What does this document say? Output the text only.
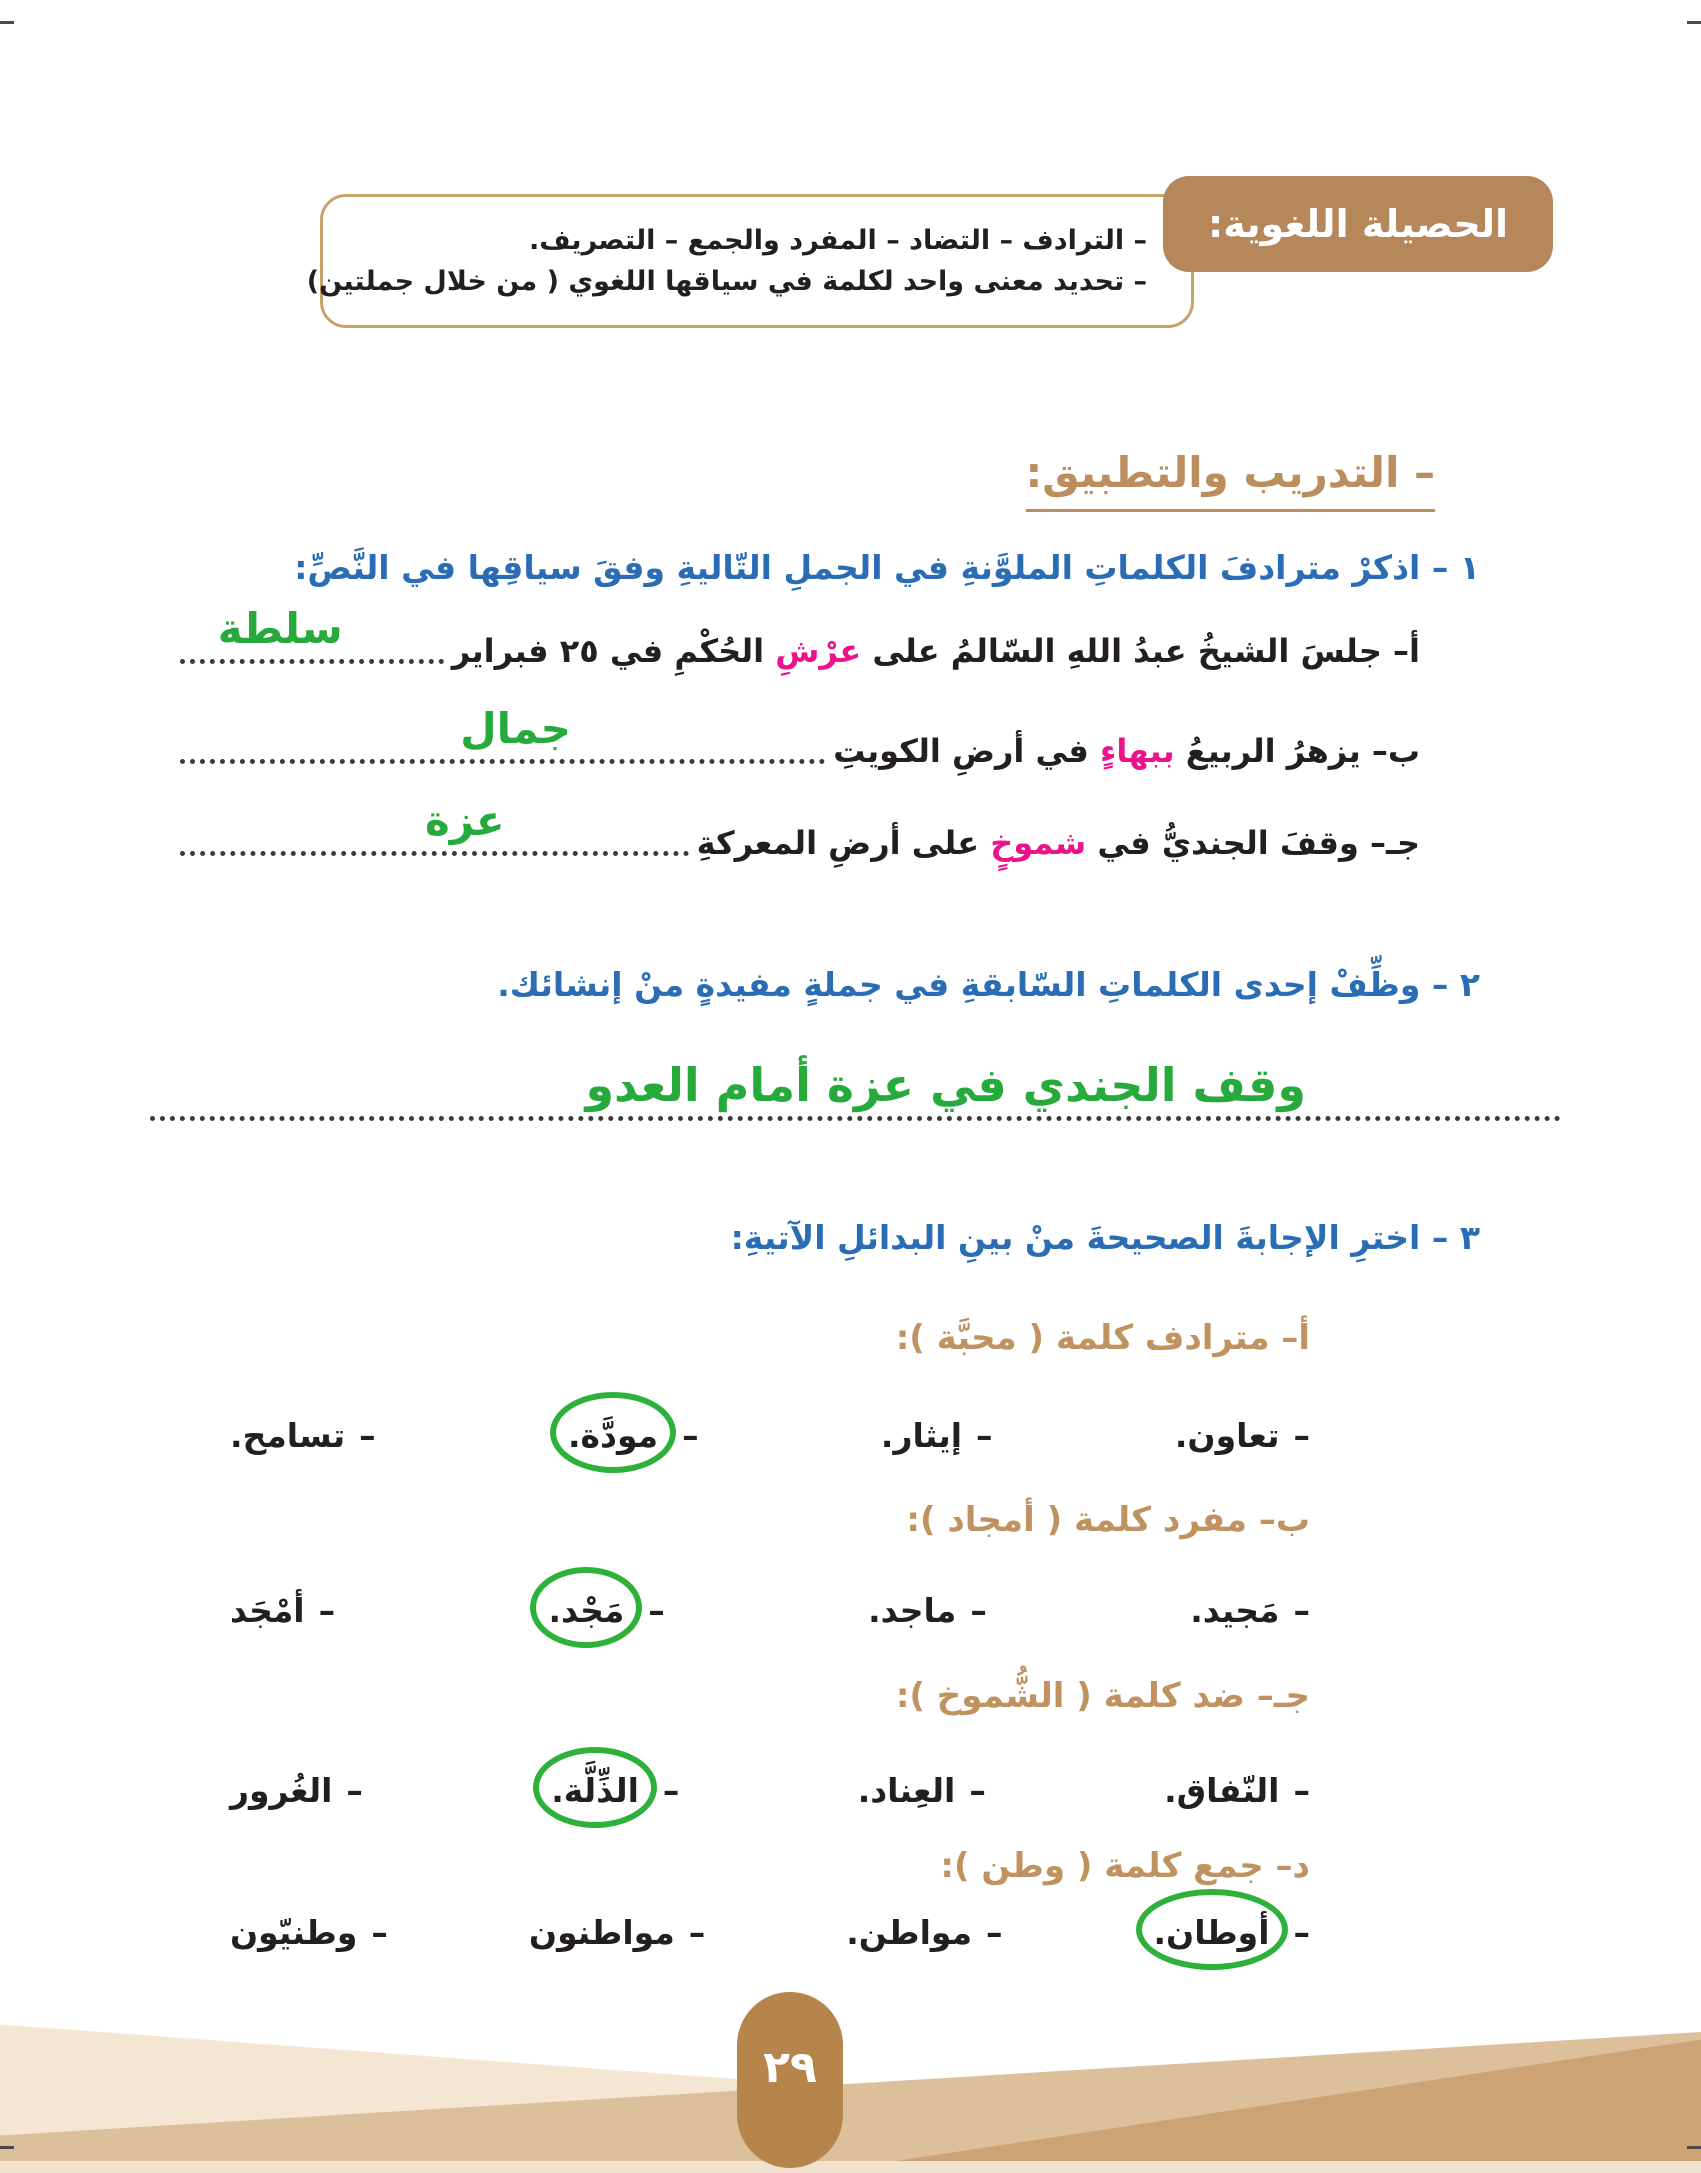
الحصيلة اللغوية:
– الترادف – التضاد – المفرد والجمع – التصريف.
– تحديد معنى واحد لكلمة في سياقها اللغوي ( من خلال جملتين)
– التدريب والتطبيق:
١ – اذكرْ مترادفَ الكلماتِ الملوَّنةِ في الجملِ التّاليةِ وفقَ سياقِها في النَّصِّ:
أ– جلسَ الشيخُ عبدُ اللهِ السّالمُ على عرْشِ الحُكْمِ في ٢٥ فبراير
سلطة
ب– يزهرُ الربيعُ ببهاءٍ في أرضِ الكويتِ
جمال
جـ– وقفَ الجنديُّ في شموخٍ على أرضِ المعركةِ
عزة
٢ – وظِّفْ إحدى الكلماتِ السّابقةِ في جملةٍ مفيدةٍ منْ إنشائك.
وقف الجندي في عزة أمام العدو
٣ – اخترِ الإجابةَ الصحيحةَ منْ بينِ البدائلِ الآتيةِ:
أ– مترادف كلمة ( محبَّة ):
–
تعاون.
–
إيثار.
–
مودَّة.
–
تسامح.
ب– مفرد كلمة ( أمجاد ):
–
مَجيد.
–
ماجد.
–
مَجْد.
–
أمْجَد
جـ– ضد كلمة ( الشُّموخ ):
–
النّفاق.
–
العِناد.
–
الذِّلَّة.
–
الغُرور
د– جمع كلمة ( وطن ):
–
أوطان.
–
مواطن.
–
مواطنون
–
وطنيّون
٢٩
